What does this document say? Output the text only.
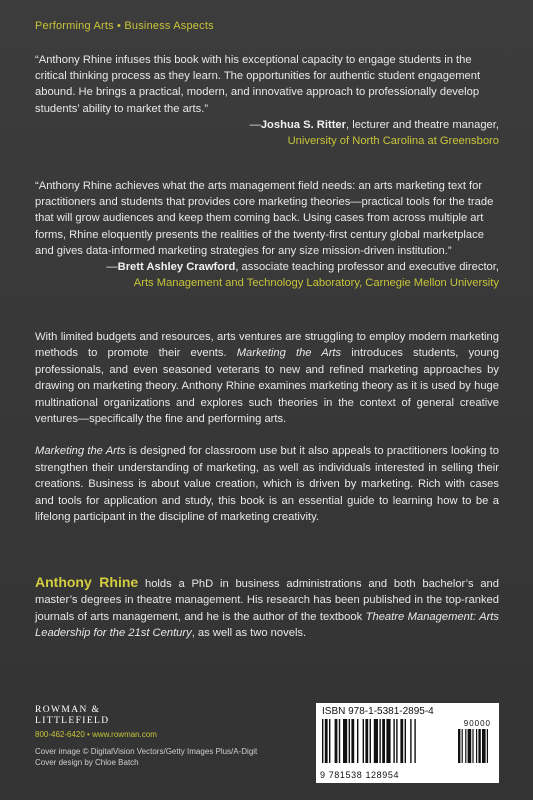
Performing Arts • Business Aspects
“Anthony Rhine infuses this book with his exceptional capacity to engage students in the critical thinking process as they learn. The opportunities for authentic student engagement abound. He brings a practical, modern, and innovative approach to professionally develop students’ ability to market the arts.”
—Joshua S. Ritter, lecturer and theatre manager,
University of North Carolina at Greensboro
“Anthony Rhine achieves what the arts management field needs: an arts marketing text for practitioners and students that provides core marketing theories—practical tools for the trade that will grow audiences and keep them coming back. Using cases from across multiple art forms, Rhine eloquently presents the realities of the twenty-first century global marketplace and gives data-informed marketing strategies for any size mission-driven institution.”
—Brett Ashley Crawford, associate teaching professor and executive director,
Arts Management and Technology Laboratory, Carnegie Mellon University

With limited budgets and resources, arts ventures are struggling to employ modern marketing methods to promote their events. Marketing the Arts introduces students, young professionals, and even seasoned veterans to new and refined marketing approaches by drawing on marketing theory. Anthony Rhine examines marketing theory as it is used by huge multinational organizations and explores such theories in the context of general creative ventures—specifically the fine and performing arts.

Marketing the Arts is designed for classroom use but it also appeals to practitioners looking to strengthen their understanding of marketing, as well as individuals interested in selling their creations. Business is about value creation, which is driven by marketing. Rich with cases and tools for application and study, this book is an essential guide to learning how to be a lifelong participant in the discipline of marketing creativity.

Anthony Rhine holds a PhD in business administrations and both bachelor’s and master’s degrees in theatre management. His research has been published in the top-ranked journals of arts management, and he is the author of the textbook Theatre Management: Arts Leadership for the 21st Century, as well as two novels.

ROWMAN &
LITTLEFIELD
800-462-6420 • www.rowman.com
Cover image © DigitalVision Vectors/Getty Images Plus/A-Digit
Cover design by Chloe Batch
ISBN 978-1-5381-2895-4
90000
9 781538 128954
